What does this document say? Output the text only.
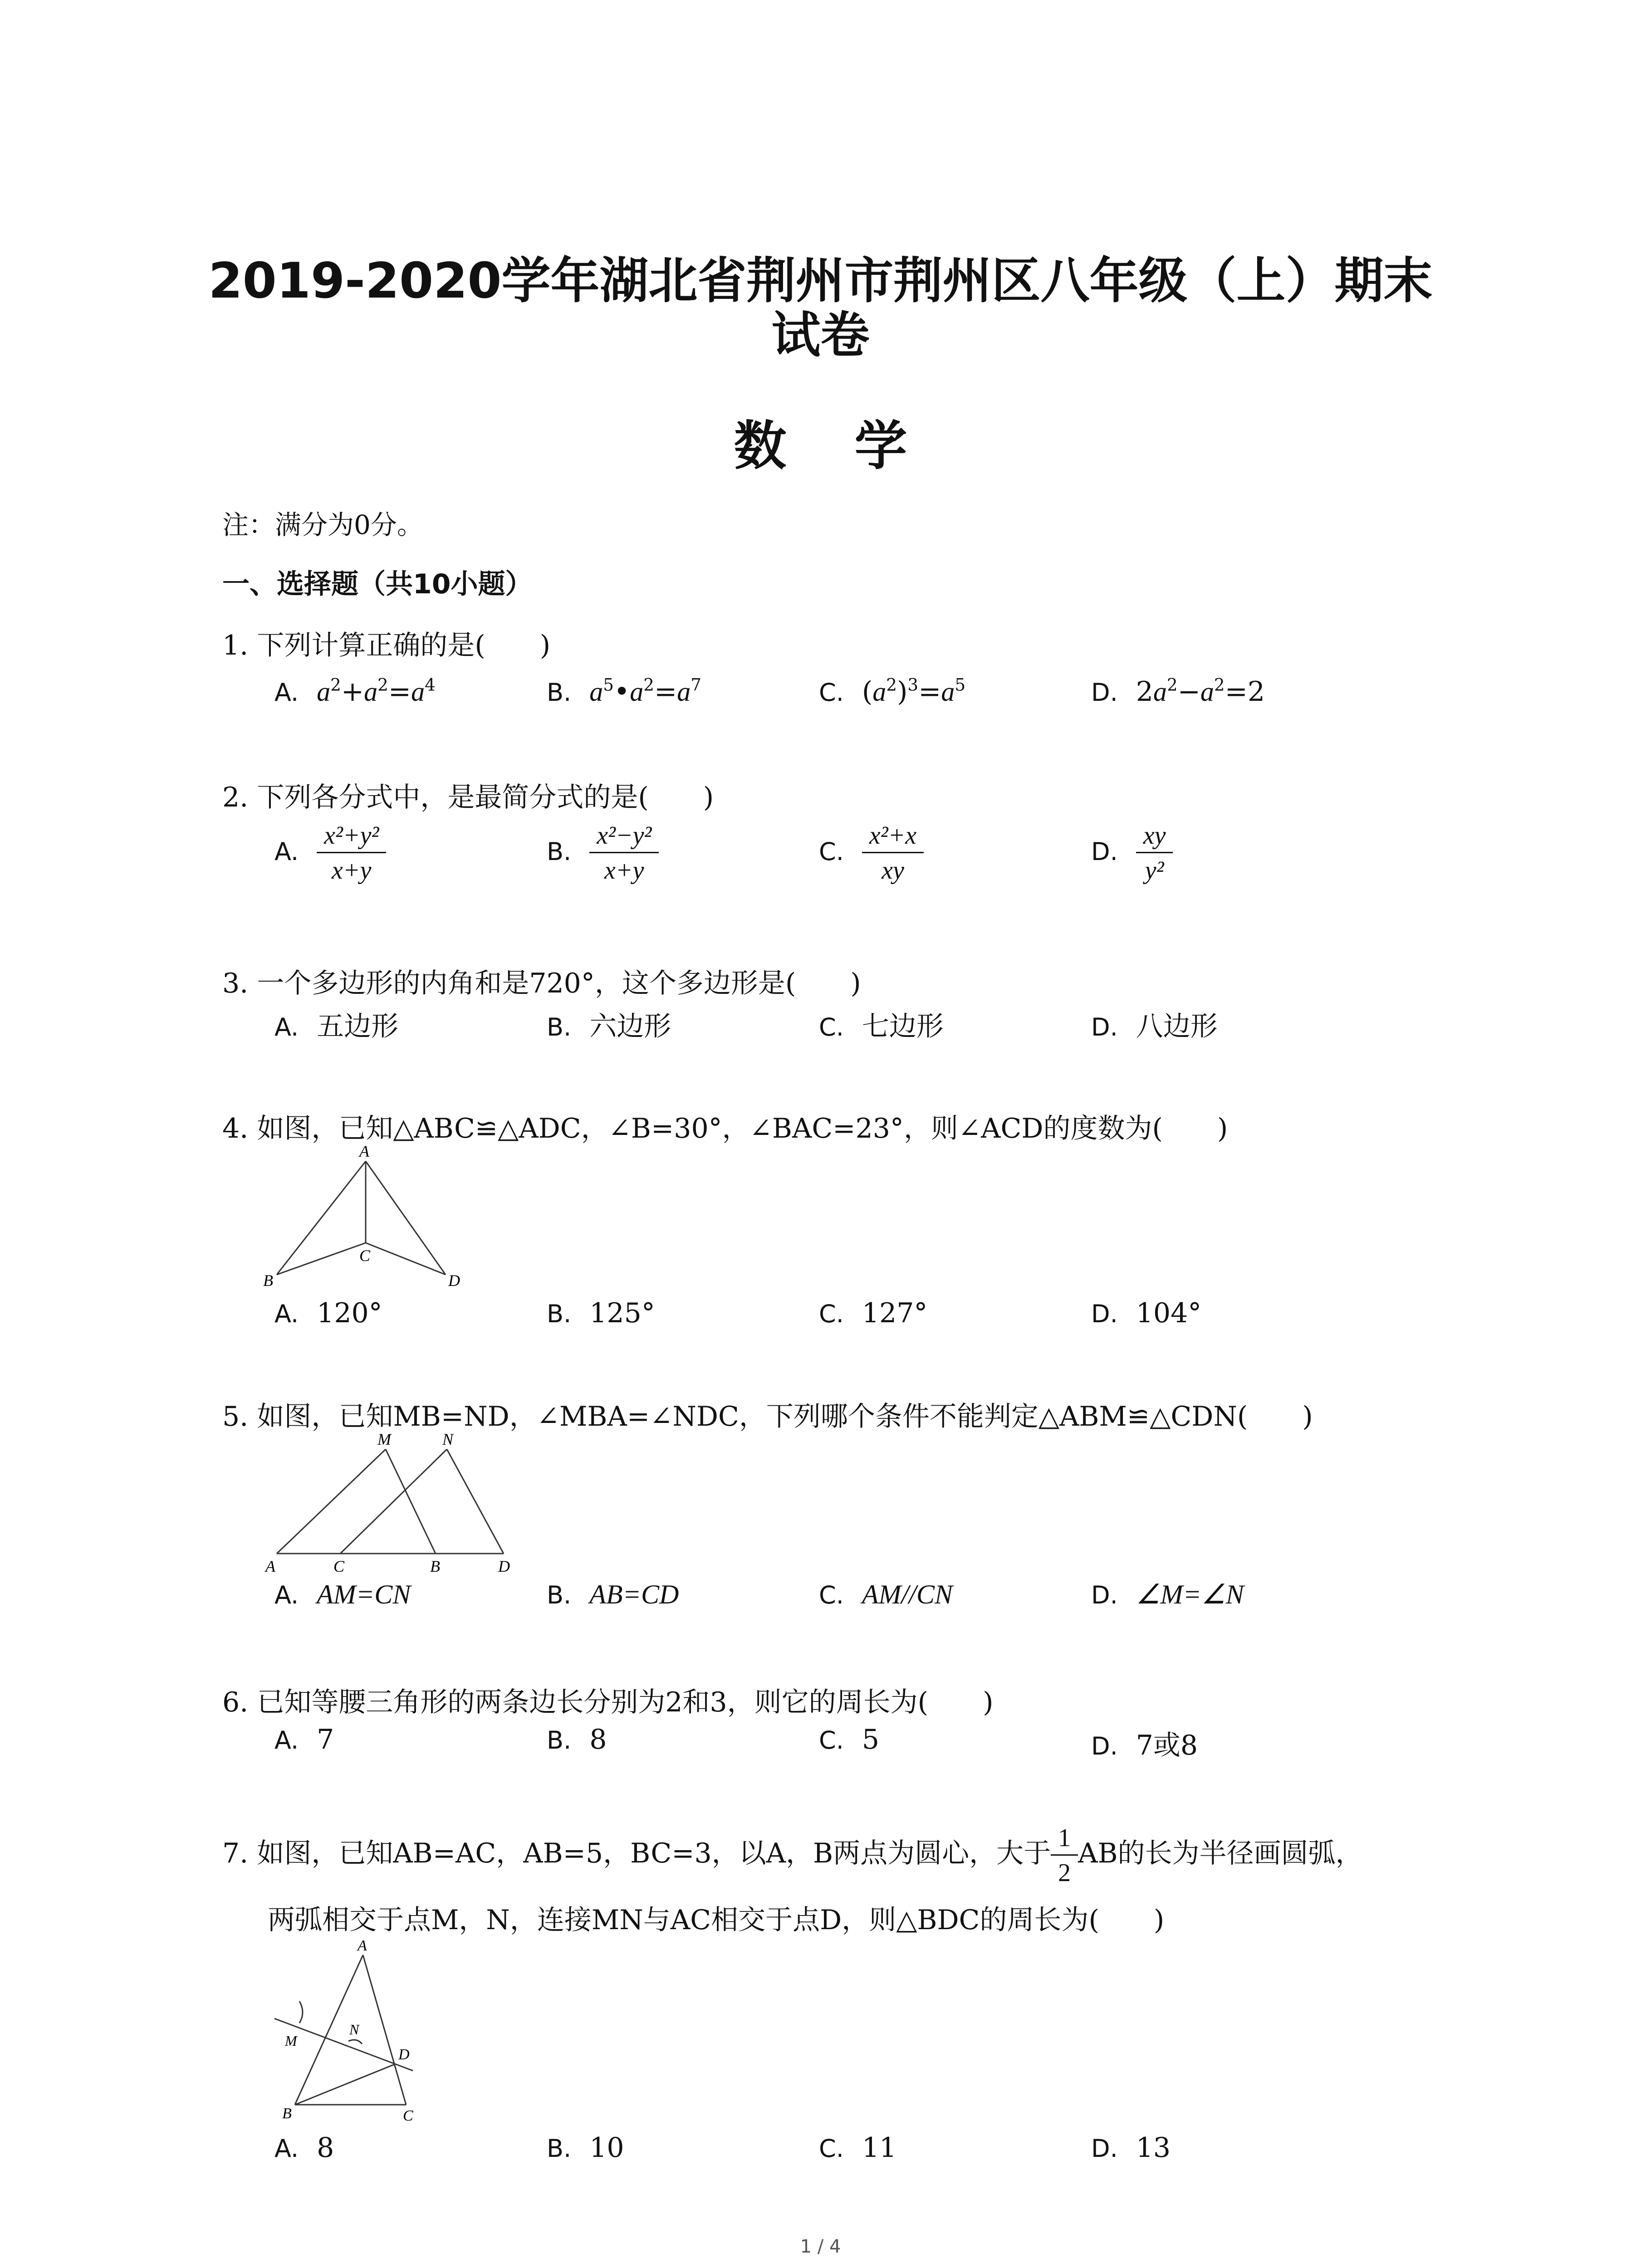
2019-2020学年湖北省荆州市荆州区八年级（上）期末
试卷
数学
注：满分为0分。
一、选择题（共10小题）
1. 下列计算正确的是(　　)
A. $a^2+a^2=a^4$	B. $a^5•a^2=a^7$	C. $(a^2)^3=a^5$	D. $2a^2-a^2=2$
2. 下列各分式中，是最简分式的是(　　)
A. $\frac{\text{x²+y²}}{x+y}$	B. $\frac{\text{x²−y²}}{x+y}$	C. $\frac{\text{x²+x}}{xy}$	D. $\frac{xy}{\text{y²}}$
3. 一个多边形的内角和是720°，这个多边形是(　　)
A. 五边形	B. 六边形	C. 七边形	D. 八边形
4. 如图，已知△ABC≌△ADC，∠B=30°，∠BAC=23°，则∠ACD的度数为(　　)
A
B
C
D
A. 120°	B. 125°	C. 127°	D. 104°
5. 如图，已知MB=ND，∠MBA=∠NDC，下列哪个条件不能判定△ABM≌△CDN(　　)
M	N
A	C	B	D
A. AM=CN	B. AB=CD	C. AM//CN	D. ∠M=∠N
6. 已知等腰三角形的两条边长分别为2和3，则它的周长为(　　)
A. 7	B. 8	C. 5	D. 7或8
7. 如图，已知AB=AC，AB=5，BC=3，以A，B两点为圆心，大于 $\frac{1}{2}$ AB的长为半径画圆弧，
两弧相交于点M，N，连接MN与AC相交于点D，则△BDC的周长为(　　)
A
M
N
D
B	C
A. 8	B. 10	C. 11	D. 13
1 / 4
